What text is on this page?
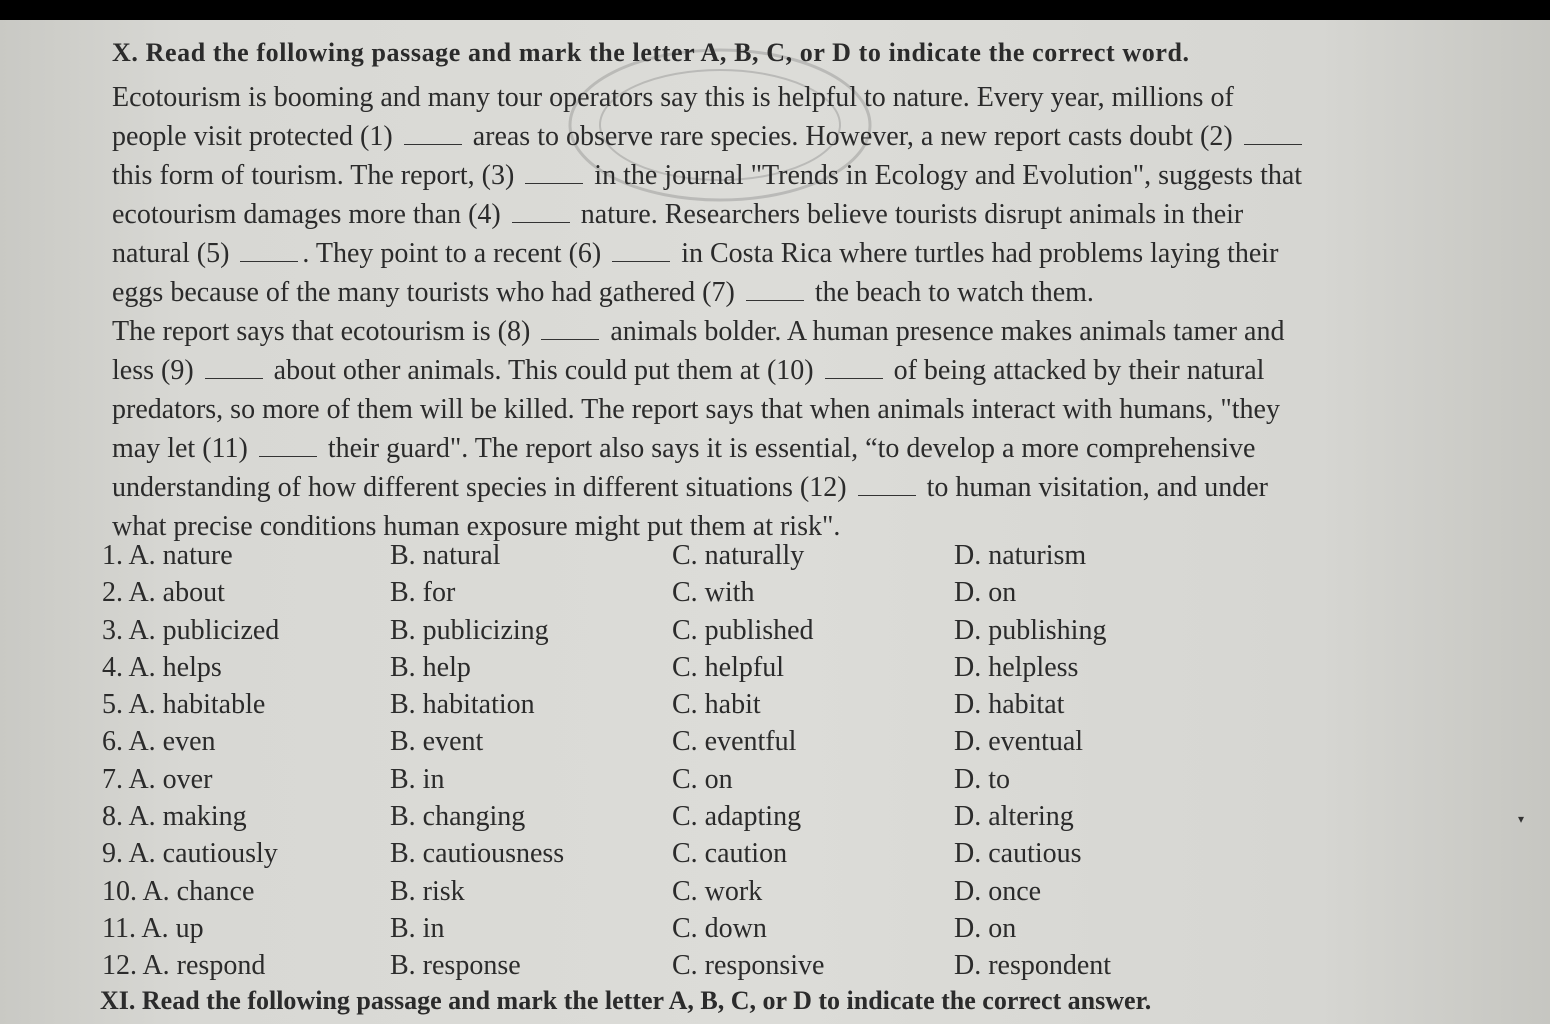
X. Read the following passage and mark the letter A, B, C, or D to indicate the correct word.
Ecotourism is booming and many tour operators say this is helpful to nature. Every year, millions of
people visit protected (1)  areas to observe rare species. However, a new report casts doubt (2)
this form of tourism. The report, (3)  in the journal "Trends in Ecology and Evolution", suggests that
ecotourism damages more than (4)  nature. Researchers believe tourists disrupt animals in their
natural (5) . They point to a recent (6)  in Costa Rica where turtles had problems laying their
eggs because of the many tourists who had gathered (7)  the beach to watch them.
The report says that ecotourism is (8)  animals bolder. A human presence makes animals tamer and
less (9)  about other animals. This could put them at (10)  of being attacked by their natural
predators, so more of them will be killed. The report says that when animals interact with humans, "they
may let (11)  their guard". The report also says it is essential, “to develop a more comprehensive
understanding of how different species in different situations (12)  to human visitation, and under
what precise conditions human exposure might put them at risk".
1. A. nature	B. natural	C. naturally	D. naturism
2. A. about	B. for	C. with	D. on
3. A. publicized	B. publicizing	C. published	D. publishing
4. A. helps	B. help	C. helpful	D. helpless
5. A. habitable	B. habitation	C. habit	D. habitat
6. A. even	B. event	C. eventful	D. eventual
7. A. over	B. in	C. on	D. to
8. A. making	B. changing	C. adapting	D. altering
9. A. cautiously	B. cautiousness	C. caution	D. cautious
10. A. chance	B. risk	C. work	D. once
11. A. up	B. in	C. down	D. on
12. A. respond	B. response	C. responsive	D. respondent
XI. Read the following passage and mark the letter A, B, C, or D to indicate the correct answer.
▾
